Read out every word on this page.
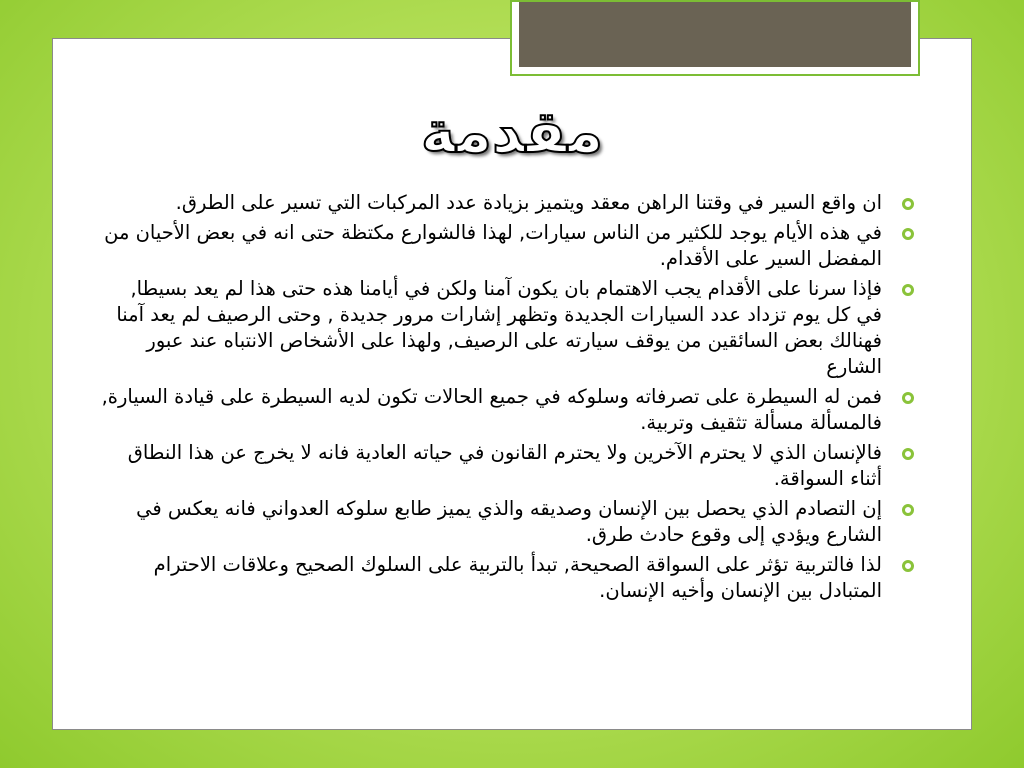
مقدمة
ان واقع السير في وقتنا الراهن معقد ويتميز بزيادة عدد المركبات التي تسير على الطرق.
في هذه الأيام يوجد للكثير من الناس سيارات, لهذا فالشوارع مكتظة حتى انه في بعض الأحيان من المفضل السير على الأقدام.
فإذا سرنا على الأقدام يجب الاهتمام بان يكون آمنا ولكن في أيامنا هذه حتى هذا لم يعد بسيطا, في كل يوم تزداد عدد السيارات الجديدة وتظهر إشارات مرور جديدة , وحتى الرصيف لم يعد آمنا فهنالك بعض السائقين من يوقف سيارته على الرصيف, ولهذا على الأشخاص الانتباه عند عبور الشارع
فمن له السيطرة على تصرفاته وسلوكه في جميع الحالات تكون لديه السيطرة على قيادة السيارة, فالمسألة مسألة تثقيف وتربية.
فالإنسان الذي لا يحترم الآخرين ولا يحترم القانون في حياته العادية فانه لا يخرج عن هذا النطاق أثناء السواقة.
إن التصادم الذي يحصل بين الإنسان وصديقه والذي يميز طابع سلوكه العدواني فانه يعكس في الشارع ويؤدي إلى وقوع حادث طرق.
لذا فالتربية تؤثر على السواقة الصحيحة, تبدأ بالتربية على السلوك الصحيح وعلاقات الاحترام المتبادل بين الإنسان وأخيه الإنسان.
